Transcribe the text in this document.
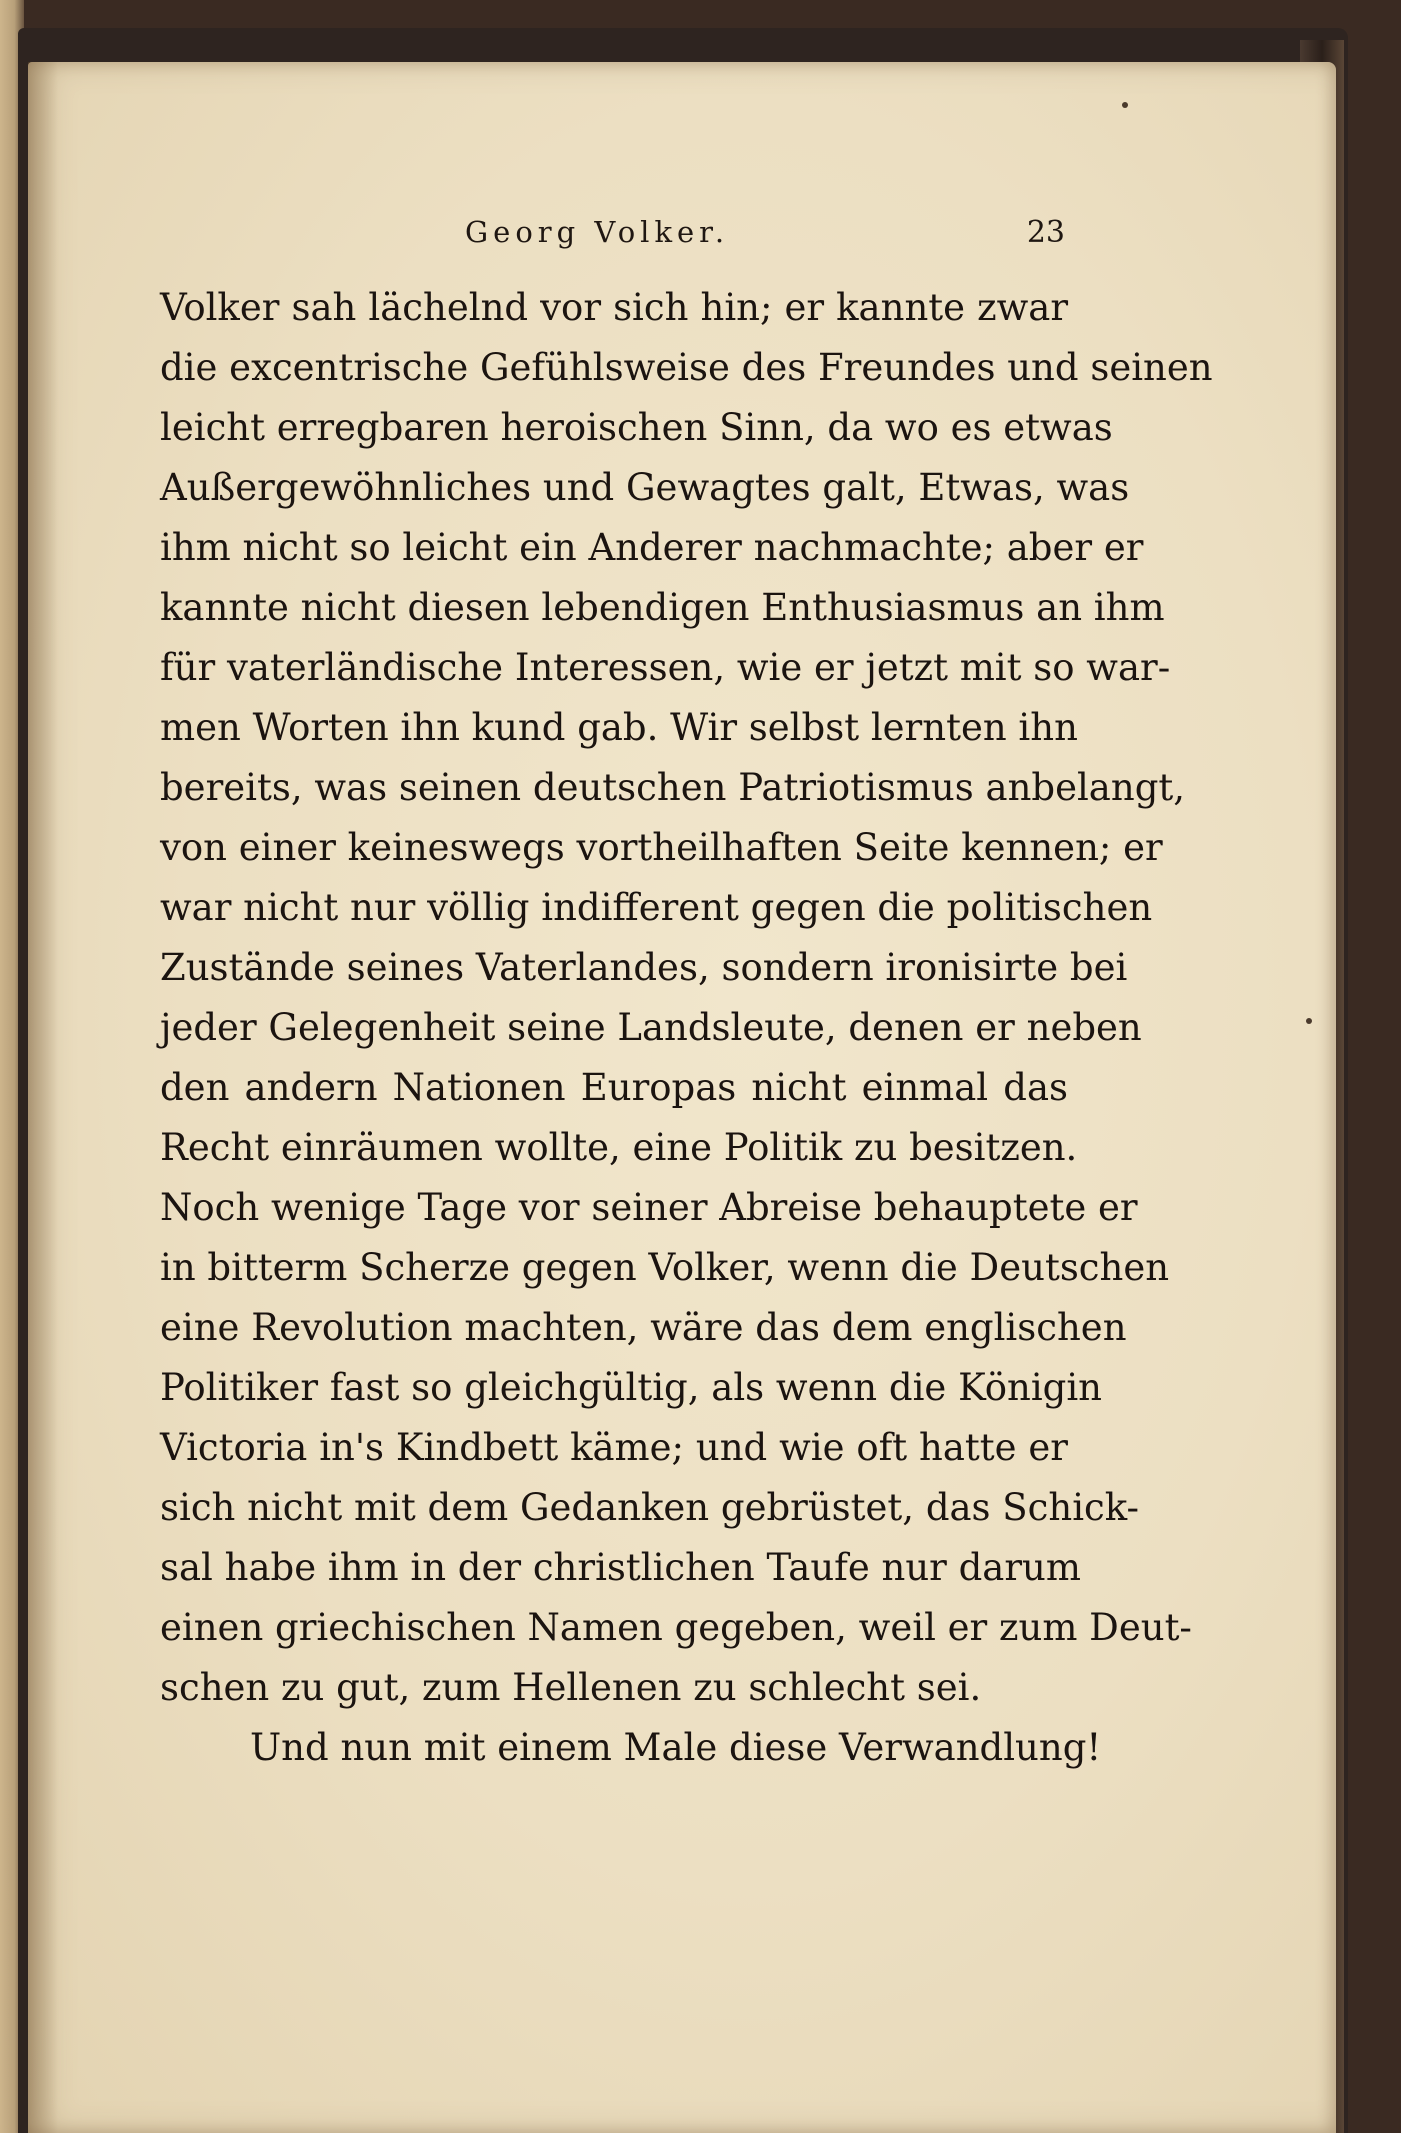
Georg Volker.	23
Volker sah lächelnd vor sich hin; er kannte zwar
die excentrische Gefühlsweise des Freundes und seinen
leicht erregbaren heroischen Sinn, da wo es etwas
Außergewöhnliches und Gewagtes galt, Etwas, was
ihm nicht so leicht ein Anderer nachmachte; aber er
kannte nicht diesen lebendigen Enthusiasmus an ihm
für vaterländische Interessen, wie er jetzt mit so war-
men Worten ihn kund gab. Wir selbst lernten ihn
bereits, was seinen deutschen Patriotismus anbelangt,
von einer keineswegs vortheilhaften Seite kennen; er
war nicht nur völlig indifferent gegen die politischen
Zustände seines Vaterlandes, sondern ironisirte bei
jeder Gelegenheit seine Landsleute, denen er neben
den andern Nationen Europas nicht einmal das
Recht einräumen wollte, eine Politik zu besitzen.
Noch wenige Tage vor seiner Abreise behauptete er
in bitterm Scherze gegen Volker, wenn die Deutschen
eine Revolution machten, wäre das dem englischen
Politiker fast so gleichgültig, als wenn die Königin
Victoria in's Kindbett käme; und wie oft hatte er
sich nicht mit dem Gedanken gebrüstet, das Schick-
sal habe ihm in der christlichen Taufe nur darum
einen griechischen Namen gegeben, weil er zum Deut-
schen zu gut, zum Hellenen zu schlecht sei.
Und nun mit einem Male diese Verwandlung!
